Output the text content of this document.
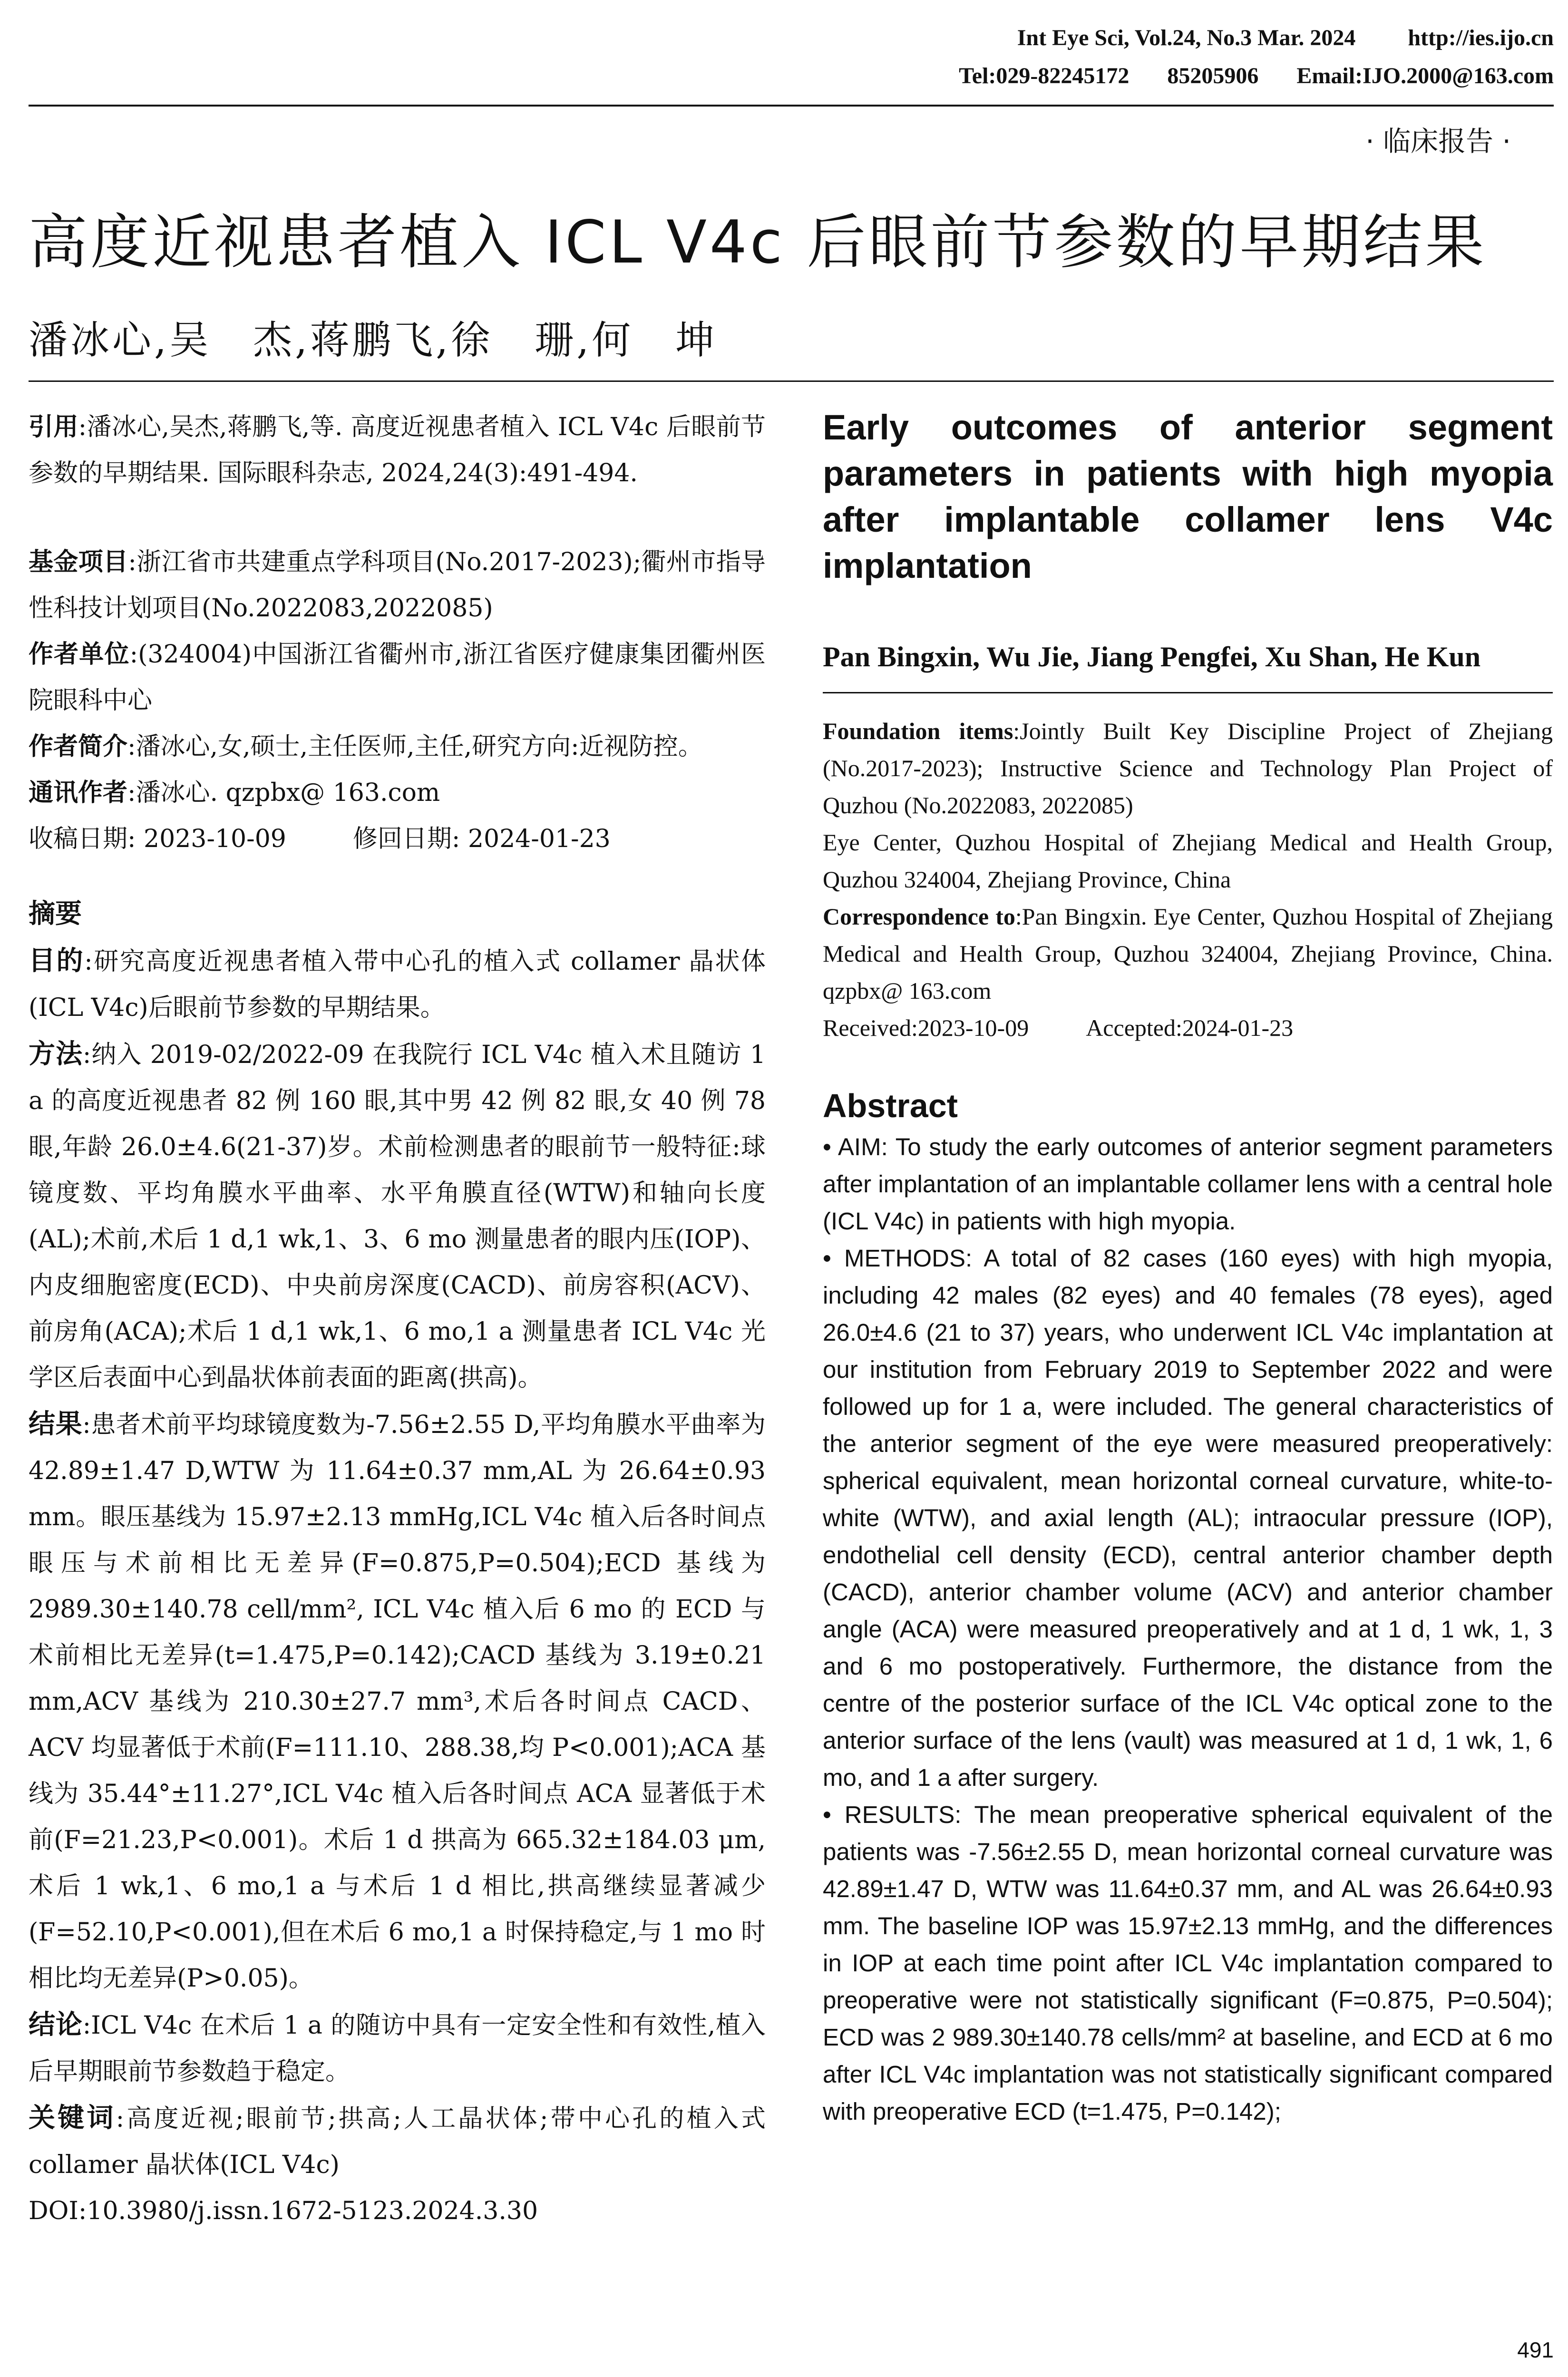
Int Eye Sci, Vol.24, No.3 Mar. 2024 http://ies.ijo.cn
Tel:029-82245172 85205906 Email:IJO.2000@163.com
· 临床报告 ·
高度近视患者植入 ICL V4c 后眼前节参数的早期结果
潘冰心,吴　杰,蒋鹏飞,徐　珊,何　坤

引用:潘冰心,吴杰,蒋鹏飞,等. 高度近视患者植入 ICL V4c 后眼前节参数的早期结果. 国际眼科杂志, 2024,24(3):491-494.

基金项目:浙江省市共建重点学科项目(No.2017-2023);衢州市指导性科技计划项目(No.2022083,2022085)

作者单位:(324004)中国浙江省衢州市,浙江省医疗健康集团衢州医院眼科中心

作者简介:潘冰心,女,硕士,主任医师,主任,研究方向:近视防控。

通讯作者:潘冰心. qzpbx@ 163.com

收稿日期: 2023-10-09	修回日期: 2024-01-23

摘要

目的:研究高度近视患者植入带中心孔的植入式 collamer 晶状体(ICL V4c)后眼前节参数的早期结果。

方法:纳入 2019-02/2022-09 在我院行 ICL V4c 植入术且随访 1 a 的高度近视患者 82 例 160 眼,其中男 42 例 82 眼,女 40 例 78 眼,年龄 26.0±4.6(21-37)岁。术前检测患者的眼前节一般特征:球镜度数、平均角膜水平曲率、水平角膜直径(WTW)和轴向长度(AL);术前,术后 1 d,1 wk,1、3、6 mo 测量患者的眼内压(IOP)、内皮细胞密度(ECD)、中央前房深度(CACD)、前房容积(ACV)、前房角(ACA);术后 1 d,1 wk,1、6 mo,1 a 测量患者 ICL V4c 光学区后表面中心到晶状体前表面的距离(拱高)。

结果:患者术前平均球镜度数为-7.56±2.55 D,平均角膜水平曲率为 42.89±1.47 D,WTW 为 11.64±0.37 mm,AL 为 26.64±0.93 mm。眼压基线为 15.97±2.13 mmHg,ICL V4c 植入后各时间点眼压与术前相比无差异(F=0.875,P=0.504);ECD 基线为 2989.30±140.78 cell/mm², ICL V4c 植入后 6 mo 的 ECD 与术前相比无差异(t=1.475,P=0.142);CACD 基线为 3.19±0.21 mm,ACV 基线为 210.30±27.7 mm³,术后各时间点 CACD、ACV 均显著低于术前(F=111.10、288.38,均 P<0.001);ACA 基线为 35.44°±11.27°,ICL V4c 植入后各时间点 ACA 显著低于术前(F=21.23,P<0.001)。术后 1 d 拱高为 665.32±184.03 μm,术后 1 wk,1、6 mo,1 a 与术后 1 d 相比,拱高继续显著减少(F=52.10,P<0.001),但在术后 6 mo,1 a 时保持稳定,与 1 mo 时相比均无差异(P>0.05)。

结论:ICL V4c 在术后 1 a 的随访中具有一定安全性和有效性,植入后早期眼前节参数趋于稳定。

关键词:高度近视;眼前节;拱高;人工晶状体;带中心孔的植入式 collamer 晶状体(ICL V4c)

DOI:10.3980/j.issn.1672-5123.2024.3.30

Early outcomes of anterior segment parameters in patients with high myopia after implantable collamer lens V4c implantation

Pan Bingxin, Wu Jie, Jiang Pengfei, Xu Shan, He Kun

Foundation items:Jointly Built Key Discipline Project of Zhejiang (No.2017-2023); Instructive Science and Technology Plan Project of Quzhou (No.2022083, 2022085)

Eye Center, Quzhou Hospital of Zhejiang Medical and Health Group, Quzhou 324004, Zhejiang Province, China

Correspondence to:Pan Bingxin. Eye Center, Quzhou Hospital of Zhejiang Medical and Health Group, Quzhou 324004, Zhejiang Province, China. qzpbx@ 163.com

Received:2023-10-09 Accepted:2024-01-23

Abstract

• AIM: To study the early outcomes of anterior segment parameters after implantation of an implantable collamer lens with a central hole (ICL V4c) in patients with high myopia.

• METHODS: A total of 82 cases (160 eyes) with high myopia, including 42 males (82 eyes) and 40 females (78 eyes), aged 26.0±4.6 (21 to 37) years, who underwent ICL V4c implantation at our institution from February 2019 to September 2022 and were followed up for 1 a, were included. The general characteristics of the anterior segment of the eye were measured preoperatively: spherical equivalent, mean horizontal corneal curvature, white-to-white (WTW), and axial length (AL); intraocular pressure (IOP), endothelial cell density (ECD), central anterior chamber depth (CACD), anterior chamber volume (ACV) and anterior chamber angle (ACA) were measured preoperatively and at 1 d, 1 wk, 1, 3 and 6 mo postoperatively. Furthermore, the distance from the centre of the posterior surface of the ICL V4c optical zone to the anterior surface of the lens (vault) was measured at 1 d, 1 wk, 1, 6 mo, and 1 a after surgery.

• RESULTS: The mean preoperative spherical equivalent of the patients was -7.56±2.55 D, mean horizontal corneal curvature was 42.89±1.47 D, WTW was 11.64±0.37 mm, and AL was 26.64±0.93 mm. The baseline IOP was 15.97±2.13 mmHg, and the differences in IOP at each time point after ICL V4c implantation compared to preoperative were not statistically significant (F=0.875, P=0.504); ECD was 2 989.30±140.78 cells/mm² at baseline, and ECD at 6 mo after ICL V4c implantation was not statistically significant compared with preoperative ECD (t=1.475, P=0.142);

491
